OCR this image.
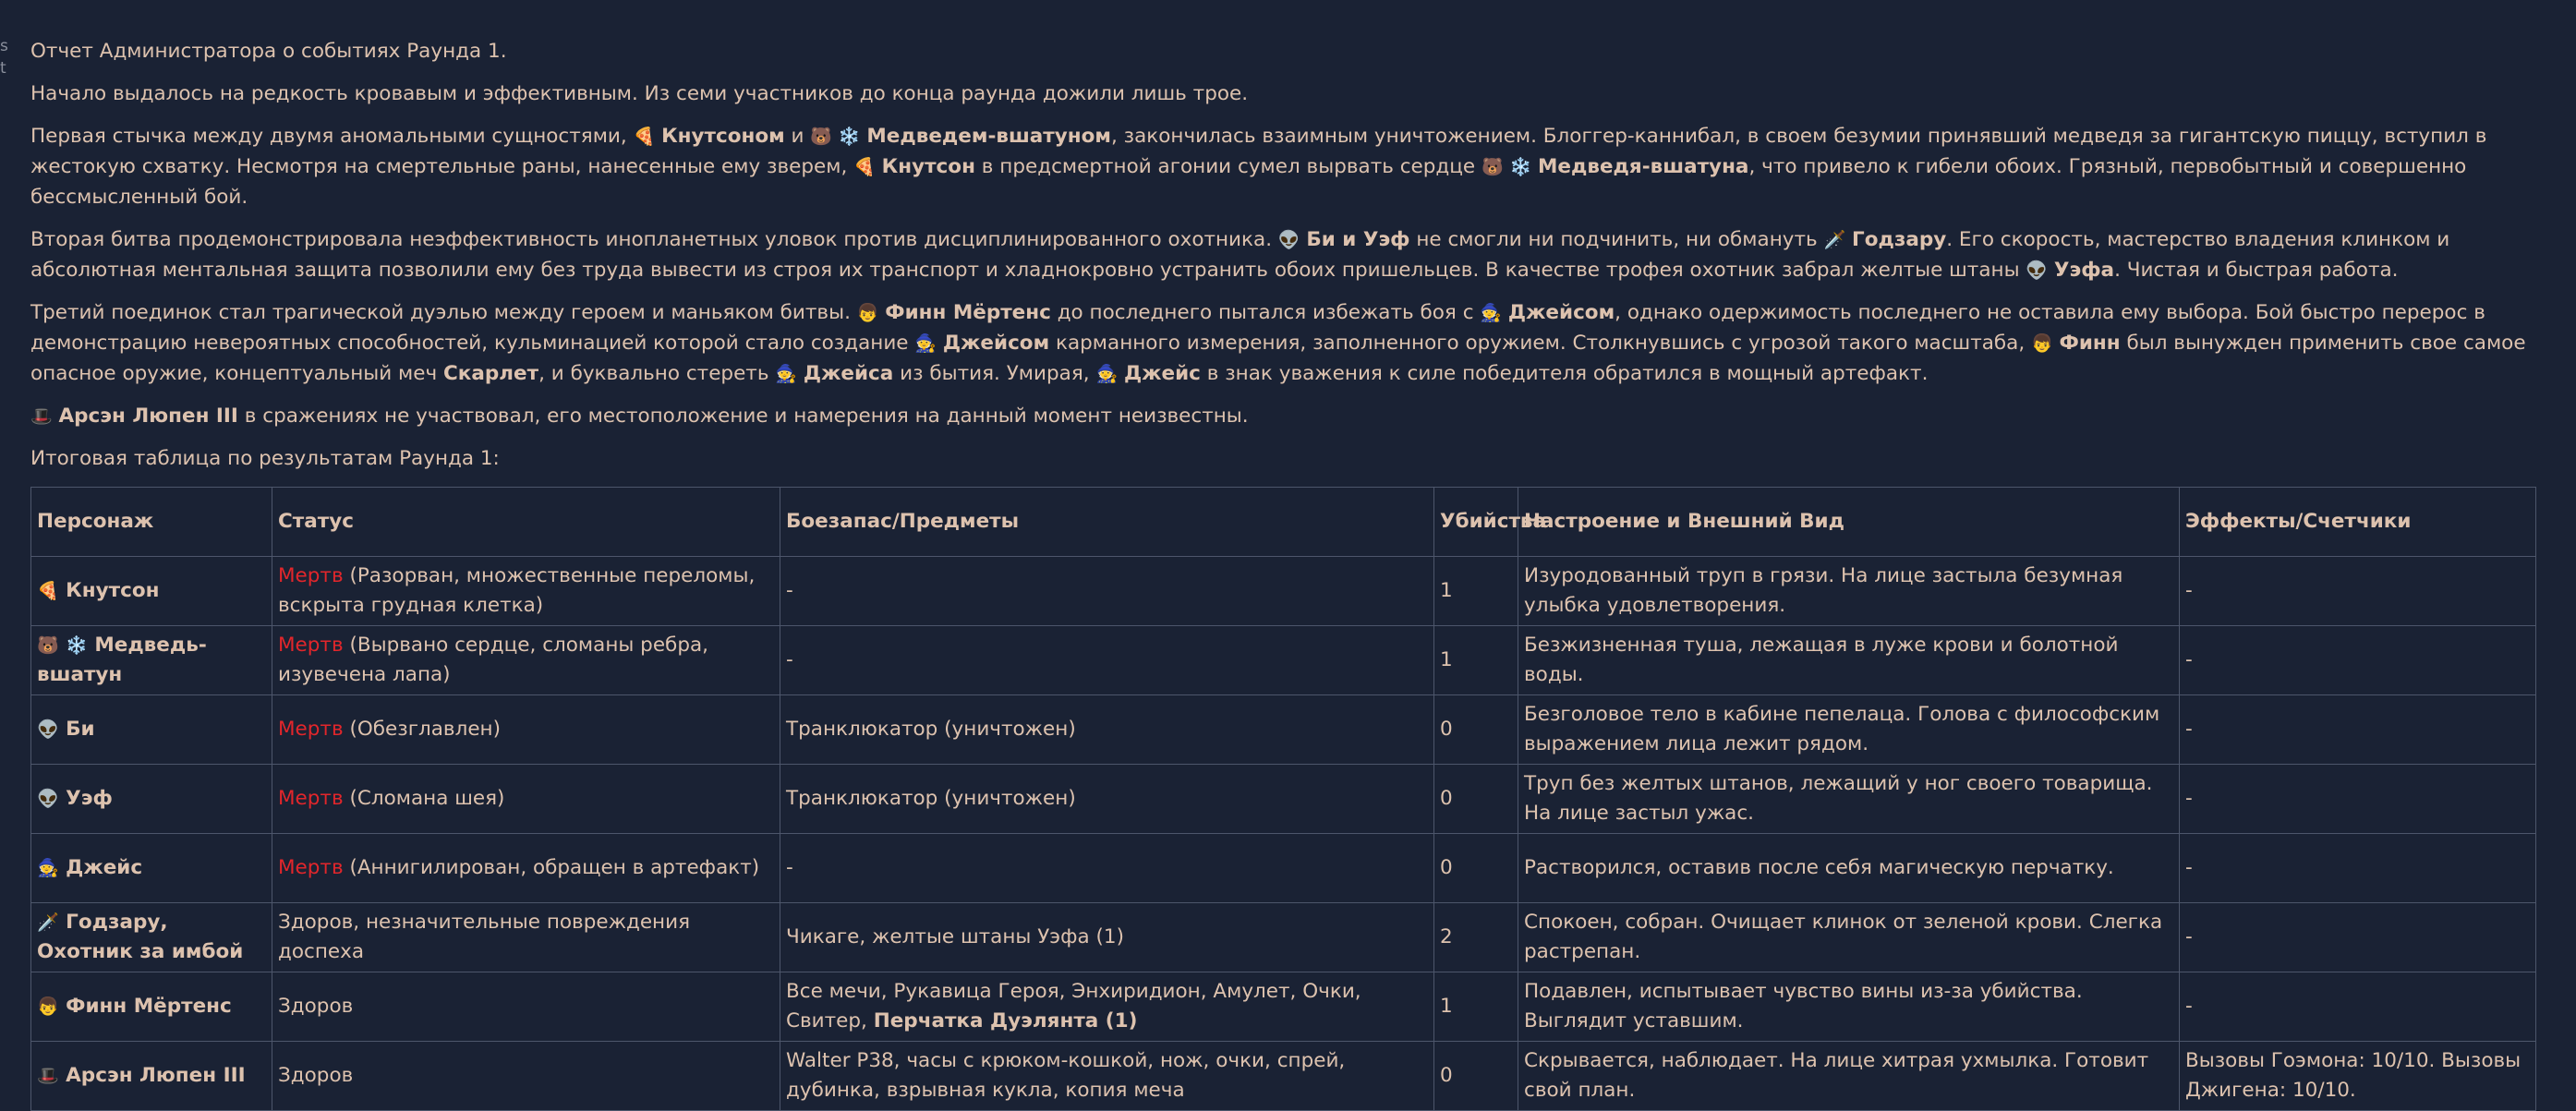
s
t

Отчет Администратора о событиях Раунда 1.

Начало выдалось на редкость кровавым и эффективным. Из семи участников до конца раунда дожили лишь трое.

Первая стычка между двумя аномальными сущностями, 🍕 Кнутсоном и 🐻 ❄️ Медведем-вшатуном, закончилась взаимным уничтожением. Блоггер-каннибал, в своем безумии принявший медведя за гигантскую пиццу, вступил в жестокую схватку. Несмотря на смертельные раны, нанесенные ему зверем, 🍕 Кнутсон в предсмертной агонии сумел вырвать сердце 🐻 ❄️ Медведя-вшатуна, что привело к гибели обоих. Грязный, первобытный и совершенно бессмысленный бой.

Вторая битва продемонстрировала неэффективность инопланетных уловок против дисциплинированного охотника. 👽 Би и Уэф не смогли ни подчинить, ни обмануть 🗡️ Годзару. Его скорость, мастерство владения клинком и абсолютная ментальная защита позволили ему без труда вывести из строя их транспорт и хладнокровно устранить обоих пришельцев. В качестве трофея охотник забрал желтые штаны 👽 Уэфа. Чистая и быстрая работа.

Третий поединок стал трагической дуэлью между героем и маньяком битвы. 👦 Финн Мёртенс до последнего пытался избежать боя с 🧙 Джейсом, однако одержимость последнего не оставила ему выбора. Бой быстро перерос в демонстрацию невероятных способностей, кульминацией которой стало создание 🧙 Джейсом карманного измерения, заполненного оружием. Столкнувшись с угрозой такого масштаба, 👦 Финн был вынужден применить свое самое опасное оружие, концептуальный меч Скарлет, и буквально стереть 🧙 Джейса из бытия. Умирая, 🧙 Джейс в знак уважения к силе победителя обратился в мощный артефакт.

🎩 Арсэн Люпен III в сражениях не участвовал, его местоположение и намерения на данный момент неизвестны.

Итоговая таблица по результатам Раунда 1:

Персонаж	Статус	Боезапас/Предметы	Убийства	Настроение и Внешний Вид	Эффекты/Счетчики
🍕 Кнутсон	Мертв (Разорван, множественные переломы, вскрыта грудная клетка)	-	1	Изуродованный труп в грязи. На лице застыла безумная улыбка удовлетворения.	-
🐻 ❄️ Медведь-вшатун	Мертв (Вырвано сердце, сломаны ребра, изувечена лапа)	-	1	Безжизненная туша, лежащая в луже крови и болотной воды.	-
👽 Би	Мертв (Обезглавлен)	Транклюкатор (уничтожен)	0	Безголовое тело в кабине пепелаца. Голова с философским выражением лица лежит рядом.	-
👽 Уэф	Мертв (Сломана шея)	Транклюкатор (уничтожен)	0	Труп без желтых штанов, лежащий у ног своего товарища. На лице застыл ужас.	-
🧙 Джейс	Мертв (Аннигилирован, обращен в артефакт)	-	0	Растворился, оставив после себя магическую перчатку.	-
🗡️ Годзару, Охотник за имбой	Здоров, незначительные повреждения доспеха	Чикаге, желтые штаны Уэфа (1)	2	Спокоен, собран. Очищает клинок от зеленой крови. Слегка растрепан.	-
👦 Финн Мёртенс	Здоров	Все мечи, Рукавица Героя, Энхиридион, Амулет, Очки, Свитер, Перчатка Дуэлянта (1)	1	Подавлен, испытывает чувство вины из-за убийства. Выглядит уставшим.	-
🎩 Арсэн Люпен III	Здоров	Walter P38, часы с крюком-кошкой, нож, очки, спрей, дубинка, взрывная кукла, копия меча	0	Скрывается, наблюдает. На лице хитрая ухмылка. Готовит свой план.	Вызовы Гоэмона: 10/10. Вызовы Джигена: 10/10.
